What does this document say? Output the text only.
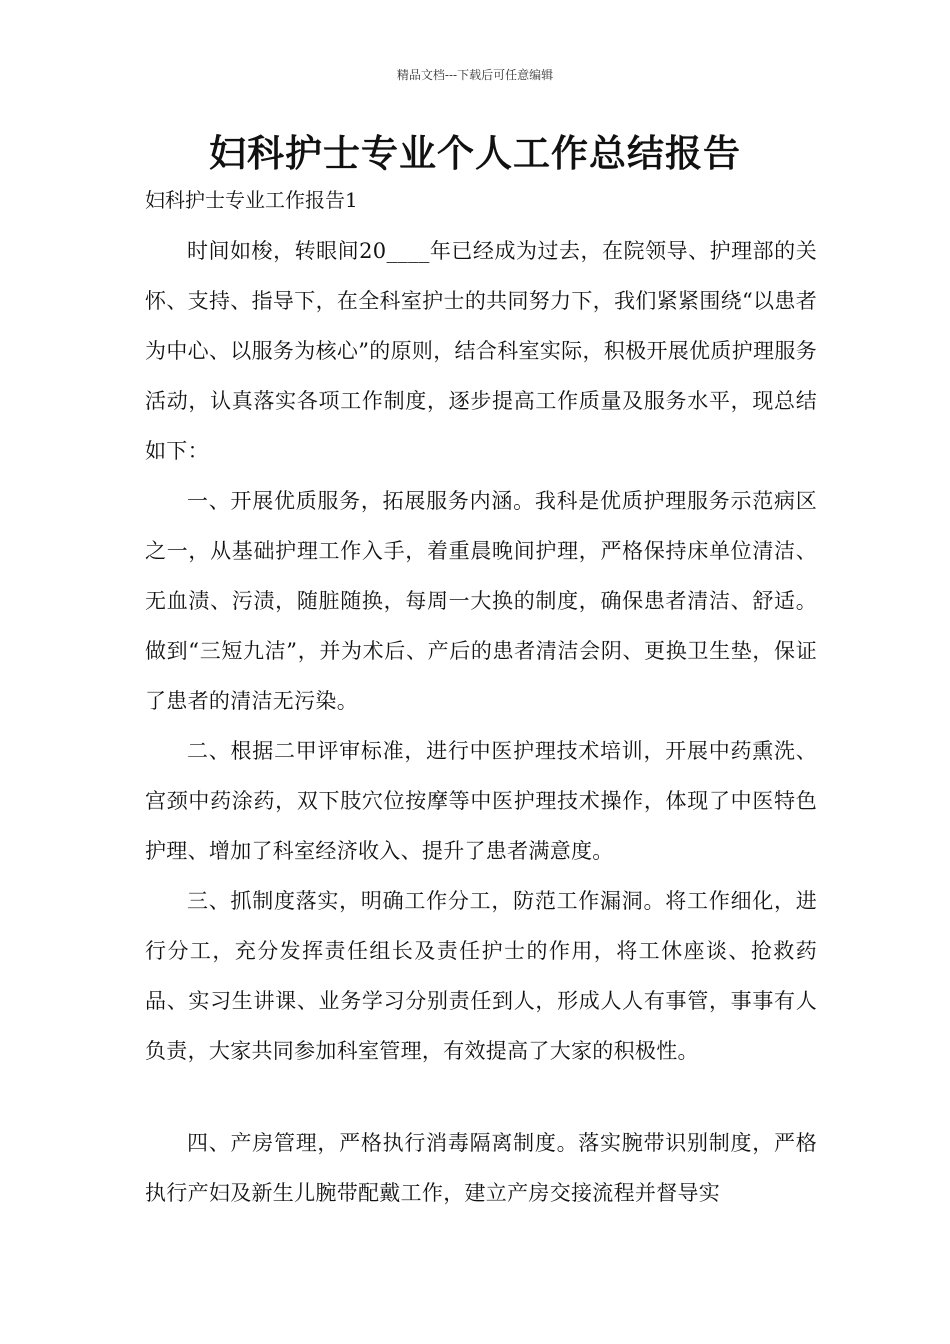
精品文档---下载后可任意编辑
妇科护士专业个人工作总结报告
妇科护士专业工作报告1

时间如梭，转眼间20____年已经成为过去，在院领导、护理部的关怀、支持、指导下，在全科室护士的共同努力下，我们紧紧围绕“以患者为中心、以服务为核心”的原则，结合科室实际，积极开展优质护理服务活动，认真落实各项工作制度，逐步提高工作质量及服务水平，现总结如下：

一、开展优质服务，拓展服务内涵。我科是优质护理服务示范病区之一，从基础护理工作入手，着重晨晚间护理，严格保持床单位清洁、无血渍、污渍，随脏随换，每周一大换的制度，确保患者清洁、舒适。做到“三短九洁”，并为术后、产后的患者清洁会阴、更换卫生垫，保证了患者的清洁无污染。

二、根据二甲评审标准，进行中医护理技术培训，开展中药熏洗、宫颈中药涂药，双下肢穴位按摩等中医护理技术操作，体现了中医特色护理、增加了科室经济收入、提升了患者满意度。

三、抓制度落实，明确工作分工，防范工作漏洞。将工作细化，进行分工，充分发挥责任组长及责任护士的作用，将工休座谈、抢救药品、实习生讲课、业务学习分别责任到人，形成人人有事管，事事有人负责，大家共同参加科室管理，有效提高了大家的积极性。

四、产房管理，严格执行消毒隔离制度。落实腕带识别制度，严格执行产妇及新生儿腕带配戴工作，建立产房交接流程并督导实
